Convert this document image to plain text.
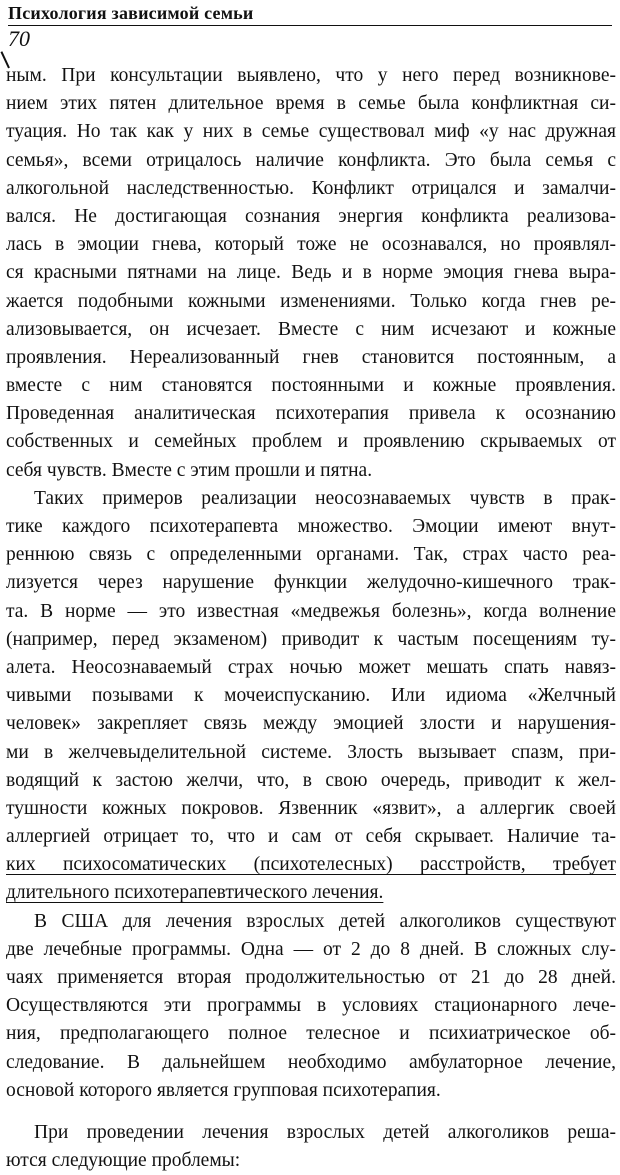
Психология зависимой семьи
70
ным. При консультации выявлено, что у него перед возникнове-
нием этих пятен длительное время в семье была конфликтная си-
туация. Но так как у них в семье существовал миф «у нас дружная
семья», всеми отрицалось наличие конфликта. Это была семья с
алкогольной наследственностью. Конфликт отрицался и замалчи-
вался. Не достигающая сознания энергия конфликта реализова-
лась в эмоции гнева, который тоже не осознавался, но проявлял-
ся красными пятнами на лице. Ведь и в норме эмоция гнева выра-
жается подобными кожными изменениями. Только когда гнев ре-
ализовывается, он исчезает. Вместе с ним исчезают и кожные
проявления. Нереализованный гнев становится постоянным, а
вместе с ним становятся постоянными и кожные проявления.
Проведенная аналитическая психотерапия привела к осознанию
собственных и семейных проблем и проявлению скрываемых от
себя чувств. Вместе с этим прошли и пятна.
Таких примеров реализации неосознаваемых чувств в прак-
тике каждого психотерапевта множество. Эмоции имеют внут-
реннюю связь с определенными органами. Так, страх часто реа-
лизуется через нарушение функции желудочно-кишечного трак-
та. В норме — это известная «медвежья болезнь», когда волнение
(например, перед экзаменом) приводит к частым посещениям ту-
алета. Неосознаваемый страх ночью может мешать спать навяз-
чивыми позывами к мочеиспусканию. Или идиома «Желчный
человек» закрепляет связь между эмоцией злости и нарушения-
ми в желчевыделительной системе. Злость вызывает спазм, при-
водящий к застою желчи, что, в свою очередь, приводит к жел-
тушности кожных покровов. Язвенник «язвит», а аллергик своей
аллергией отрицает то, что и сам от себя скрывает. Наличие та-
ких психосоматических (психотелесных) расстройств, требует
длительного психотерапевтического лечения.
В США для лечения взрослых детей алкоголиков существуют
две лечебные программы. Одна — от 2 до 8 дней. В сложных слу-
чаях применяется вторая продолжительностью от 21 до 28 дней.
Осуществляются эти программы в условиях стационарного лече-
ния, предполагающего полное телесное и психиатрическое об-
следование. В дальнейшем необходимо амбулаторное лечение,
основой которого является групповая психотерапия.
При проведении лечения взрослых детей алкоголиков реша-
ются следующие проблемы:
